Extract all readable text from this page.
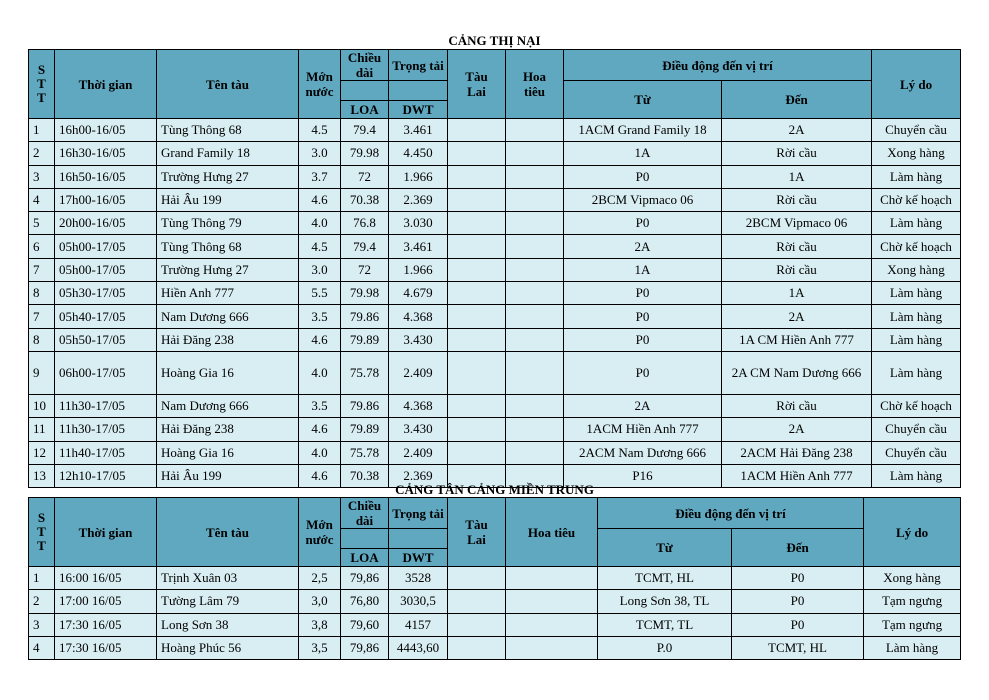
CẢNG THỊ NẠI
STT	Thời gian	Tên tàu	Mớn nước	Chiều dài	Trọng tải	Tàu Lai	Hoa tiêu	Điều động đến vị trí		Lý do

				LOA	DWT			Từ	Đến	
1	16h00-16/05	Tùng Thông 68	4.5	79.4	3.461			1ACM Grand Family 18	2A	Chuyển cầu
2	16h30-16/05	Grand Family 18	3.0	79.98	4.450			1A	Rời cầu	Xong hàng
3	16h50-16/05	Trường Hưng 27	3.7	72	1.966			P0	1A	Làm hàng
4	17h00-16/05	Hải Âu 199	4.6	70.38	2.369			2BCM Vipmaco 06	Rời cầu	Chờ kế hoạch
5	20h00-16/05	Tùng Thông 79	4.0	76.8	3.030			P0	2BCM Vipmaco 06	Làm hàng
6	05h00-17/05	Tùng Thông 68	4.5	79.4	3.461			2A	Rời cầu	Chờ kế hoạch
7	05h00-17/05	Trường Hưng 27	3.0	72	1.966			1A	Rời cầu	Xong hàng
8	05h30-17/05	Hiền Anh 777	5.5	79.98	4.679			P0	1A	Làm hàng
7	05h40-17/05	Nam Dương 666	3.5	79.86	4.368			P0	2A	Làm hàng
8	05h50-17/05	Hải Đăng 238	4.6	79.89	3.430			P0	1A CM Hiền Anh 777	Làm hàng
9	06h00-17/05	Hoàng Gia 16	4.0	75.78	2.409			P0	2A CM Nam Dương 666	Làm hàng
10	11h30-17/05	Nam Dương 666	3.5	79.86	4.368			2A	Rời cầu	Chờ kế hoạch
11	11h30-17/05	Hải Đăng 238	4.6	79.89	3.430			1ACM Hiền Anh 777	2A	Chuyển cầu
12	11h40-17/05	Hoàng Gia 16	4.0	75.78	2.409			2ACM Nam Dương 666	2ACM Hải Đăng 238	Chuyển cầu
13	12h10-17/05	Hải Âu 199	4.6	70.38	2.369			P16	1ACM Hiền Anh 777	Làm hàng
CẢNG TÂN CẢNG MIỀN TRUNG
STT	Thời gian	Tên tàu	Mớn nước	Chiều dài	Trọng tải	Tàu Lai	Hoa tiêu	Điều động đến vị trí		Lý do

				LOA	DWT			Từ	Đến	
1	16:00 16/05	Trịnh Xuân 03	2,5	79,86	3528			TCMT, HL	P0	Xong hàng
2	17:00 16/05	Tường Lâm 79	3,0	76,80	3030,5			Long Sơn 38, TL	P0	Tạm ngưng
3	17:30 16/05	Long Sơn 38	3,8	79,60	4157			TCMT, TL	P0	Tạm ngưng
4	17:30 16/05	Hoàng Phúc 56	3,5	79,86	4443,60			P.0	TCMT, HL	Làm hàng
